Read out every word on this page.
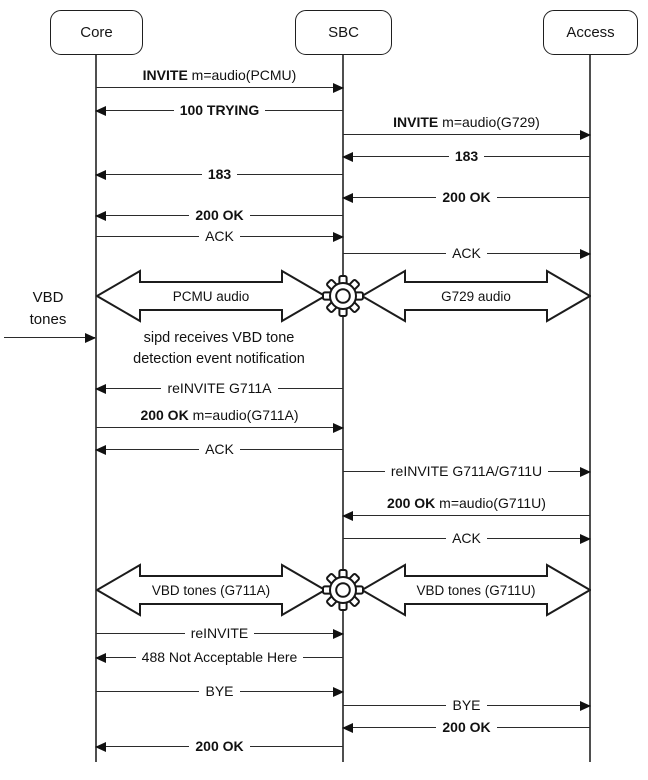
Core	SBC	Access
INVITE m=audio(PCMU)
100 TRYING
INVITE m=audio(G729)
183
183
200 OK
200 OK
ACK
ACK
PCMU audio	G729 audio
VBD
tones
sipd receives VBD tone
detection event notification
reINVITE G711A
200 OK m=audio(G711A)
ACK
reINVITE G711A/G711U
200 OK m=audio(G711U)
ACK
VBD tones (G711A)	VBD tones (G711U)
reINVITE
488 Not Acceptable Here
BYE
BYE
200 OK
200 OK
